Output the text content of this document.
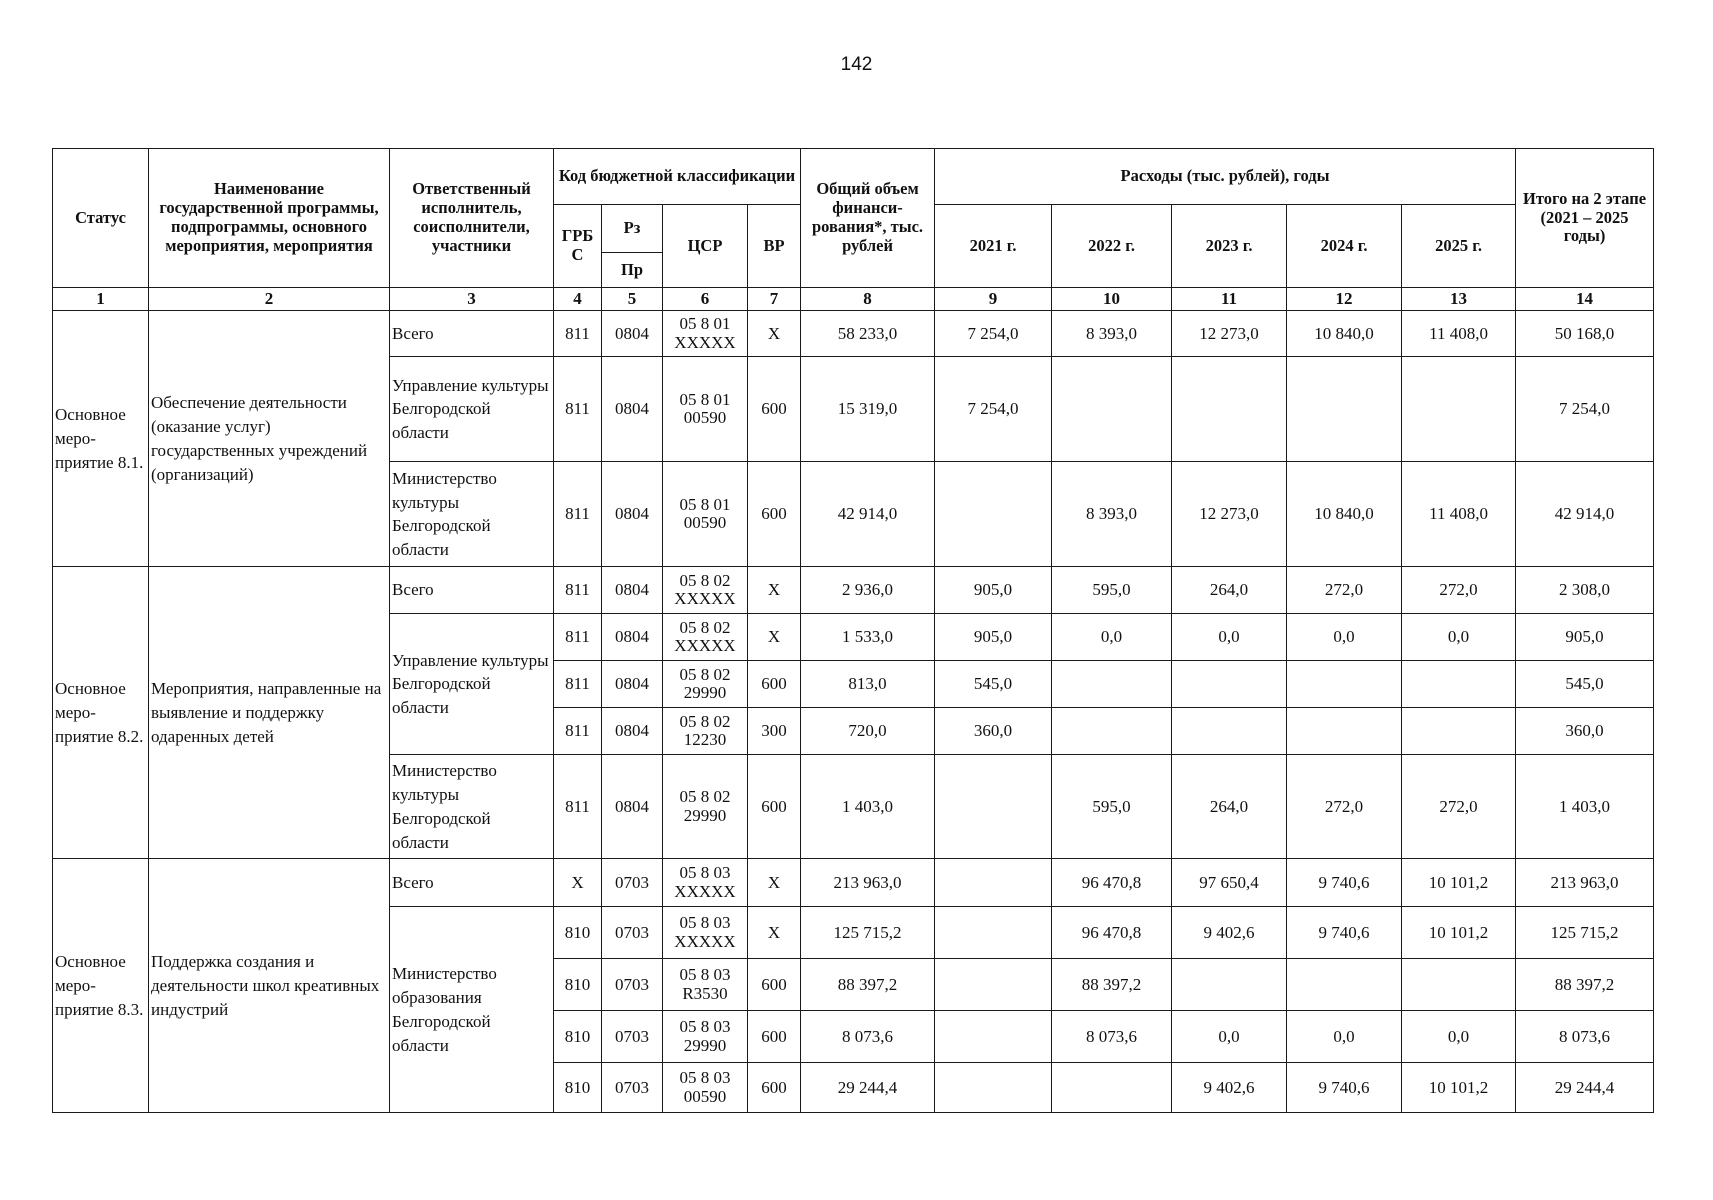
142
Статус	Наименование государственной программы, подпрограммы, основного мероприятия, мероприятия	Ответственный исполнитель, соисполнители, участники	Код бюджетной классификации				Общий объем финанси-рования*, тыс. рублей	Расходы (тыс. рублей), годы					Итого на 2 этапе (2021 – 2025 годы)
			ГРБ С	Рз	ЦСР	ВР		2021 г.	2022 г.	2023 г.	2024 г.	2025 г.	
				Пр									
1	2	3	4	5	6	7	8	9	10	11	12	13	14
Основное меро-приятие 8.1.	Обеспечение деятельности (оказание услуг) государственных учреждений (организаций)	Всего	811	0804	05 8 01 XXXXX	Х	58 233,0	7 254,0	8 393,0	12 273,0	10 840,0	11 408,0	50 168,0
		Управление культуры Белгородской области	811	0804	05 8 01 00590	600	15 319,0	7 254,0					7 254,0
		Министерство культуры Белгородской области	811	0804	05 8 01 00590	600	42 914,0		8 393,0	12 273,0	10 840,0	11 408,0	42 914,0
Основное меро-приятие 8.2.	Мероприятия, направленные на выявление и поддержку одаренных детей	Всего	811	0804	05 8 02 XXXXX	Х	2 936,0	905,0	595,0	264,0	272,0	272,0	2 308,0
		Управление культуры Белгородской области	811	0804	05 8 02 XXXXX	Х	1 533,0	905,0	0,0	0,0	0,0	0,0	905,0
			811	0804	05 8 02 29990	600	813,0	545,0					545,0
			811	0804	05 8 02 12230	300	720,0	360,0					360,0
		Министерство культуры Белгородской области	811	0804	05 8 02 29990	600	1 403,0		595,0	264,0	272,0	272,0	1 403,0
Основное меро-приятие 8.3.	Поддержка создания и деятельности школ креативных индустрий	Всего	Х	0703	05 8 03 XXXXX	Х	213 963,0		96 470,8	97 650,4	9 740,6	10 101,2	213 963,0
		Министерство образования Белгородской области	810	0703	05 8 03 XXXXX	Х	125 715,2		96 470,8	9 402,6	9 740,6	10 101,2	125 715,2
			810	0703	05 8 03 R3530	600	88 397,2		88 397,2				88 397,2
			810	0703	05 8 03 29990	600	8 073,6		8 073,6	0,0	0,0	0,0	8 073,6
			810	0703	05 8 03 00590	600	29 244,4			9 402,6	9 740,6	10 101,2	29 244,4
